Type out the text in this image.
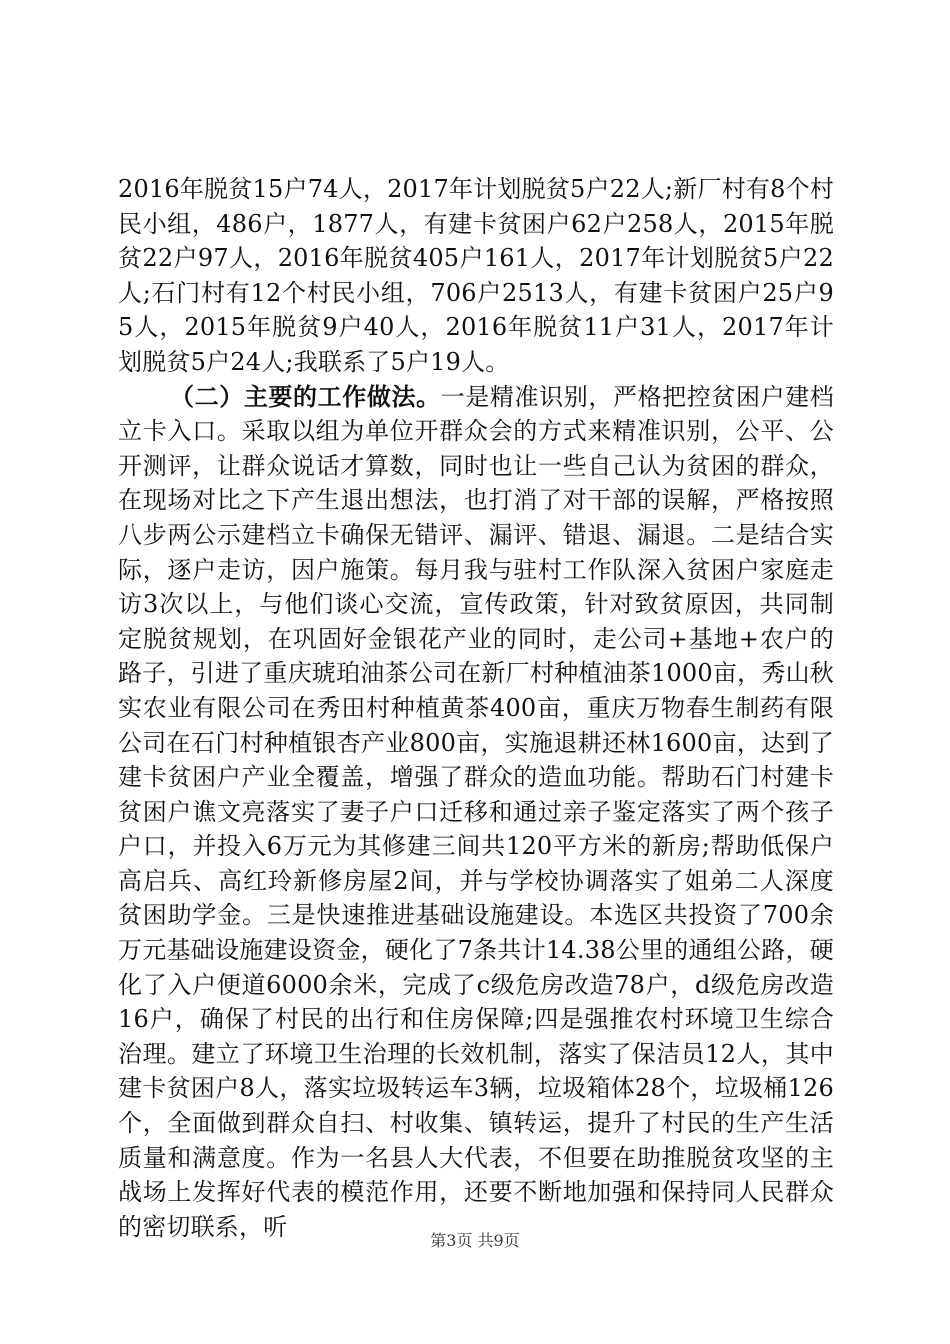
2016年脱贫15户74人，2017年计划脱贫5户22人;新厂村有8个村民小组，486户，1877人，有建卡贫困户62户258人，2015年脱贫22户97人，2016年脱贫405户161人，2017年计划脱贫5户22人;石门村有12个村民小组，706户2513人，有建卡贫困户25户95人，2015年脱贫9户40人，2016年脱贫11户31人，2017年计划脱贫5户24人;我联系了5户19人。

（二）主要的工作做法。一是精准识别，严格把控贫困户建档立卡入口。采取以组为单位开群众会的方式来精准识别，公平、公开测评，让群众说话才算数，同时也让一些自己认为贫困的群众，在现场对比之下产生退出想法，也打消了对干部的误解，严格按照八步两公示建档立卡确保无错评、漏评、错退、漏退。二是结合实际，逐户走访，因户施策。每月我与驻村工作队深入贫困户家庭走访3次以上，与他们谈心交流，宣传政策，针对致贫原因，共同制定脱贫规划，在巩固好金银花产业的同时，走公司+基地+农户的路子，引进了重庆琥珀油茶公司在新厂村种植油茶1000亩，秀山秋实农业有限公司在秀田村种植黄茶400亩，重庆万物春生制药有限公司在石门村种植银杏产业800亩，实施退耕还林1600亩，达到了建卡贫困户产业全覆盖，增强了群众的造血功能。帮助石门村建卡贫困户谯文亮落实了妻子户口迁移和通过亲子鉴定落实了两个孩子户口，并投入6万元为其修建三间共120平方米的新房;帮助低保户高启兵、高红玲新修房屋2间，并与学校协调落实了姐弟二人深度贫困助学金。三是快速推进基础设施建设。本选区共投资了700余万元基础设施建设资金，硬化了7条共计14.38公里的通组公路，硬化了入户便道6000余米，完成了c级危房改造78户，d级危房改造16户，确保了村民的出行和住房保障;四是强推农村环境卫生综合治理。建立了环境卫生治理的长效机制，落实了保洁员12人，其中建卡贫困户8人，落实垃圾转运车3辆，垃圾箱体28个，垃圾桶126个，全面做到群众自扫、村收集、镇转运，提升了村民的生产生活质量和满意度。作为一名县人大代表，不但要在助推脱贫攻坚的主战场上发挥好代表的模范作用，还要不断地加强和保持同人民群众的密切联系，听	第3页 共9页
